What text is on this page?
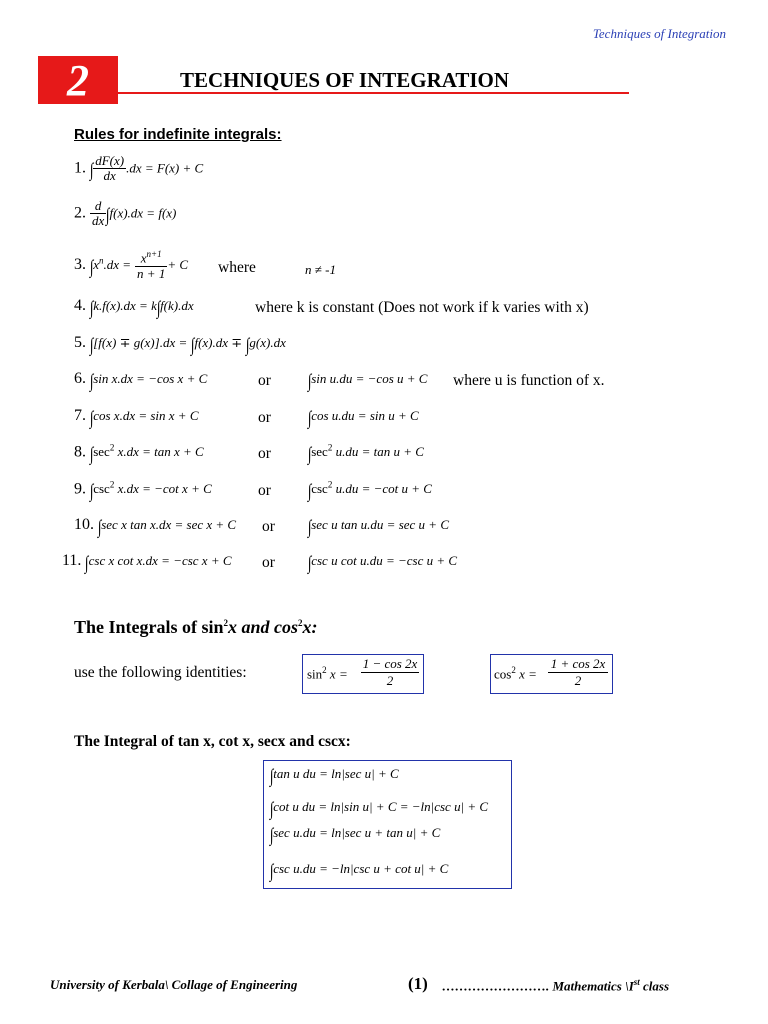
Techniques of Integration
2	TECHNIQUES OF INTEGRATION
Rules for indefinite integrals:
1. ∫ $\frac{dF(x)}{dx} .dx = F(x) + C$
2. $\frac{d}{dx} \int f(x).dx = f(x)$
3. $\int x^n.dx = \frac{x^{n+1}}{n + 1} + C$ where	n ≠ -1
4. ∫k.f(x).dx = k∫f(k).dx	where k is constant (Does not work if k varies with x)
5. ∫[f(x) ∓ g(x)].dx = ∫f(x).dx ∓ ∫g(x).dx
6. ∫sin x.dx = −cos x + C	or ∫sin u.du = −cos u + C where u is function of x.
7. ∫cos x.dx = sin x + C	or ∫cos u.du = sin u + C
8. $\int\sec^2$ x.dx = tan x + C	or $\int\sec^2$ u.du = tan u + C
9. $\int\csc^2$ x.dx = −cot x + C	or $\int\csc^2$ u.du = −cot u + C
10. ∫sec x tan x.dx = sec x + C or ∫sec u tan u.du = sec u + C
11. ∫csc x cot x.dx = −csc x + C or ∫csc u cot u.du = −csc u + C
The Integrals of $\sin^2x$ and $\cos^2x$:
use the following identities:	$\sin^2 x$ =
1 − cos 2x
2	$\cos^2 x$ =
1 + cos 2x
2
The Integral of tan x, cot x, secx and cscx:
∫tan u du = ln|sec u| + C
∫cot u du = ln|sin u| + C = −ln|csc u| + C
∫sec u.du = ln|sec u + tan u| + C
∫csc u.du = −ln|csc u + cot u| + C
University of Kerbala\ Collage of Engineering	(1) ……………………. Mathematics \Ist class
